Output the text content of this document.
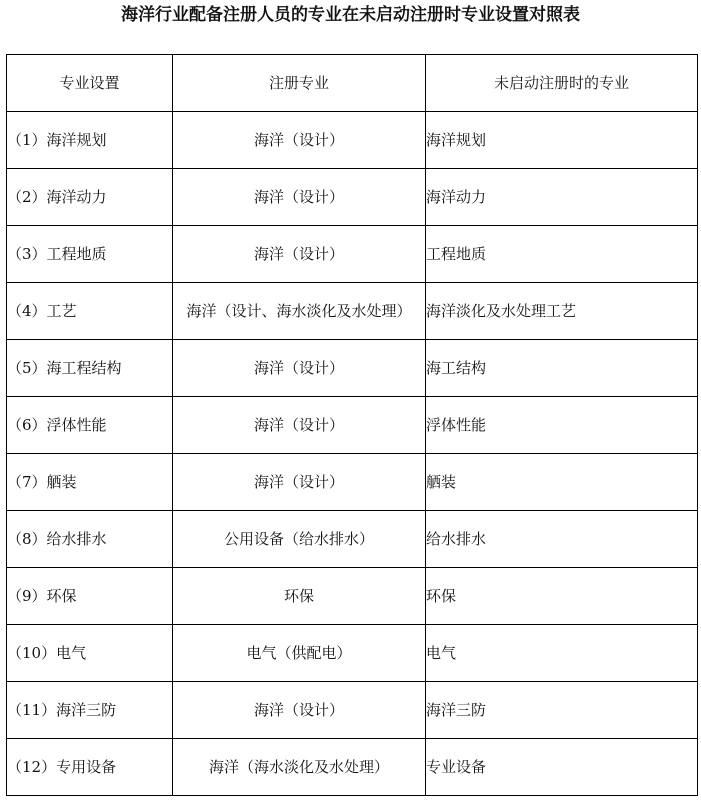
海洋行业配备注册人员的专业在未启动注册时专业设置对照表
专业设置	注册专业	未启动注册时的专业
（1）海洋规划	海洋（设计）	海洋规划
（2）海洋动力	海洋（设计）	海洋动力
（3）工程地质	海洋（设计）	工程地质
（4）工艺	海洋（设计、海水淡化及水处理）	海洋淡化及水处理工艺
（5）海工程结构	海洋（设计）	海工结构
（6）浮体性能	海洋（设计）	浮体性能
（7）舾装	海洋（设计）	舾装
（8）给水排水	公用设备（给水排水）	给水排水
（9）环保	环保	环保
（10）电气	电气（供配电）	电气
（11）海洋三防	海洋（设计）	海洋三防
（12）专用设备	海洋（海水淡化及水处理）	专业设备
